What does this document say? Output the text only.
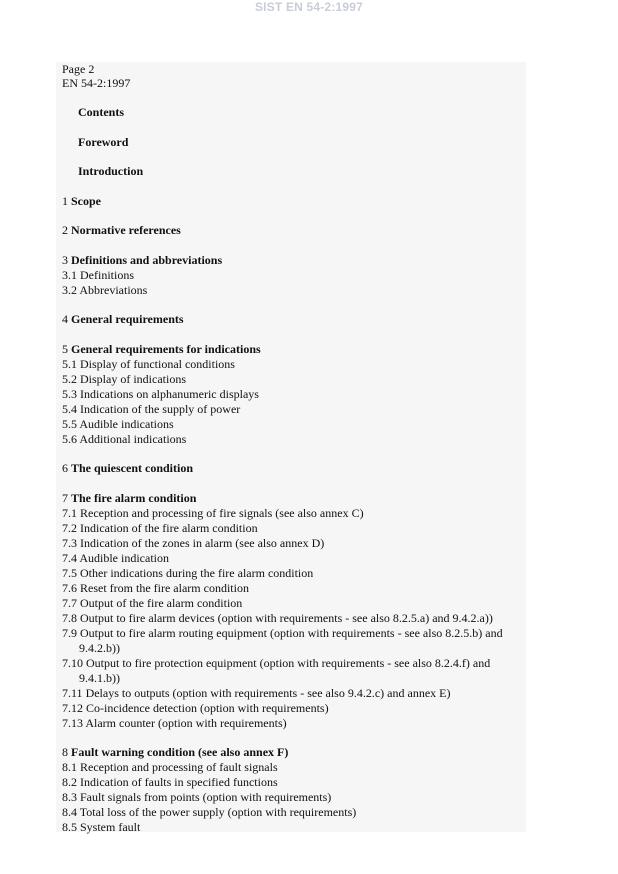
SIST EN 54-2:1997
Page 2
EN 54-2:1997
Contents
Foreword
Introduction
1 Scope
2 Normative references
3 Definitions and abbreviations
3.1 Definitions
3.2 Abbreviations
4 General requirements
5 General requirements for indications
5.1 Display of functional conditions
5.2 Display of indications
5.3 Indications on alphanumeric displays
5.4 Indication of the supply of power
5.5 Audible indications
5.6 Additional indications
6 The quiescent condition
7 The fire alarm condition
7.1 Reception and processing of fire signals (see also annex C)
7.2 Indication of the fire alarm condition
7.3 Indication of the zones in alarm (see also annex D)
7.4 Audible indication
7.5 Other indications during the fire alarm condition
7.6 Reset from the fire alarm condition
7.7 Output of the fire alarm condition
7.8 Output to fire alarm devices (option with requirements - see also 8.2.5.a) and 9.4.2.a))
7.9 Output to fire alarm routing equipment (option with requirements - see also 8.2.5.b) and
9.4.2.b))
7.10 Output to fire protection equipment (option with requirements - see also 8.2.4.f) and
9.4.1.b))
7.11 Delays to outputs (option with requirements - see also 9.4.2.c) and annex E)
7.12 Co-incidence detection (option with requirements)
7.13 Alarm counter (option with requirements)
8 Fault warning condition (see also annex F)
8.1 Reception and processing of fault signals
8.2 Indication of faults in specified functions
8.3 Fault signals from points (option with requirements)
8.4 Total loss of the power supply (option with requirements)
8.5 System fault
